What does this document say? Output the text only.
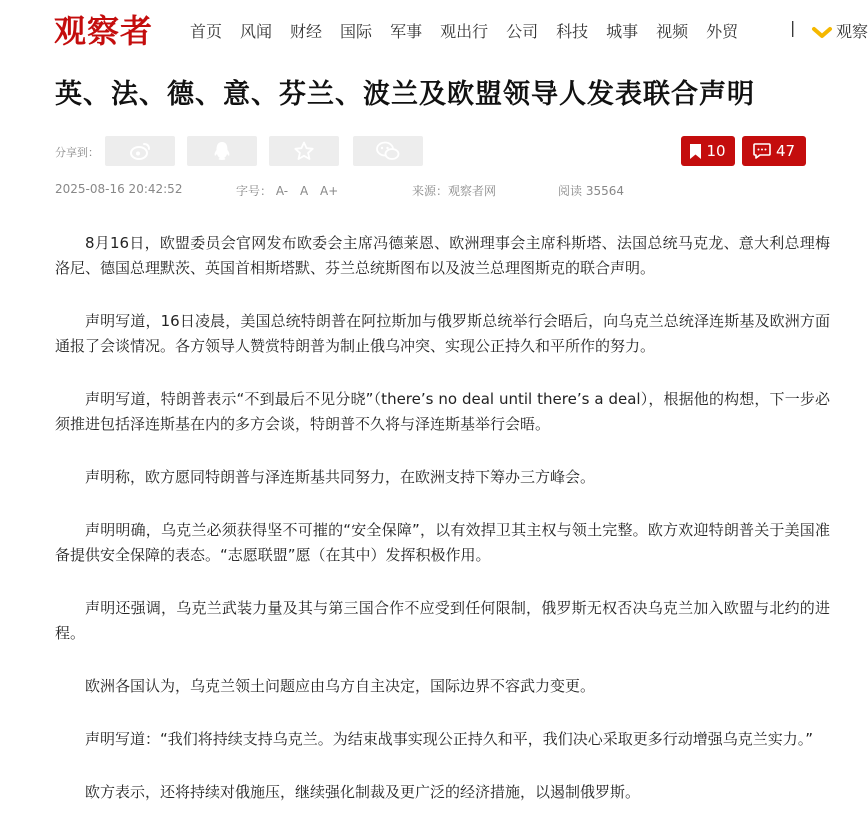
观察者 首页 风闻 财经 国际 军事 观出行 公司 科技 城事 视频 外贸	|	观察
英、法、德、意、芬兰、波兰及欧盟领导人发表联合声明
分享到：	10	47
2025-08-16 20:42:52	字号： A- A A+	来源：观察者网	阅读 35564

8月16日，欧盟委员会官网发布欧委会主席冯德莱恩、欧洲理事会主席科斯塔、法国总统马克龙、意大利总理梅洛尼、德国总理默茨、英国首相斯塔默、芬兰总统斯图布以及波兰总理图斯克的联合声明。

声明写道，16日凌晨，美国总统特朗普在阿拉斯加与俄罗斯总统举行会晤后，向乌克兰总统泽连斯基及欧洲方面通报了会谈情况。各方领导人赞赏特朗普为制止俄乌冲突、实现公正持久和平所作的努力。

声明写道，特朗普表示“不到最后不见分晓”（there’s no deal until there’s a deal），根据他的构想，下一步必须推进包括泽连斯基在内的多方会谈，特朗普不久将与泽连斯基举行会晤。

声明称，欧方愿同特朗普与泽连斯基共同努力，在欧洲支持下筹办三方峰会。

声明明确，乌克兰必须获得坚不可摧的“安全保障”，以有效捍卫其主权与领土完整。欧方欢迎特朗普关于美国准备提供安全保障的表态。“志愿联盟”愿（在其中）发挥积极作用。

声明还强调，乌克兰武装力量及其与第三国合作不应受到任何限制，俄罗斯无权否决乌克兰加入欧盟与北约的进程。

欧洲各国认为，乌克兰领土问题应由乌方自主决定，国际边界不容武力变更。

声明写道：“我们将持续支持乌克兰。为结束战事实现公正持久和平，我们决心采取更多行动增强乌克兰实力。”

欧方表示，还将持续对俄施压，继续强化制裁及更广泛的经济措施，以遏制俄罗斯。
